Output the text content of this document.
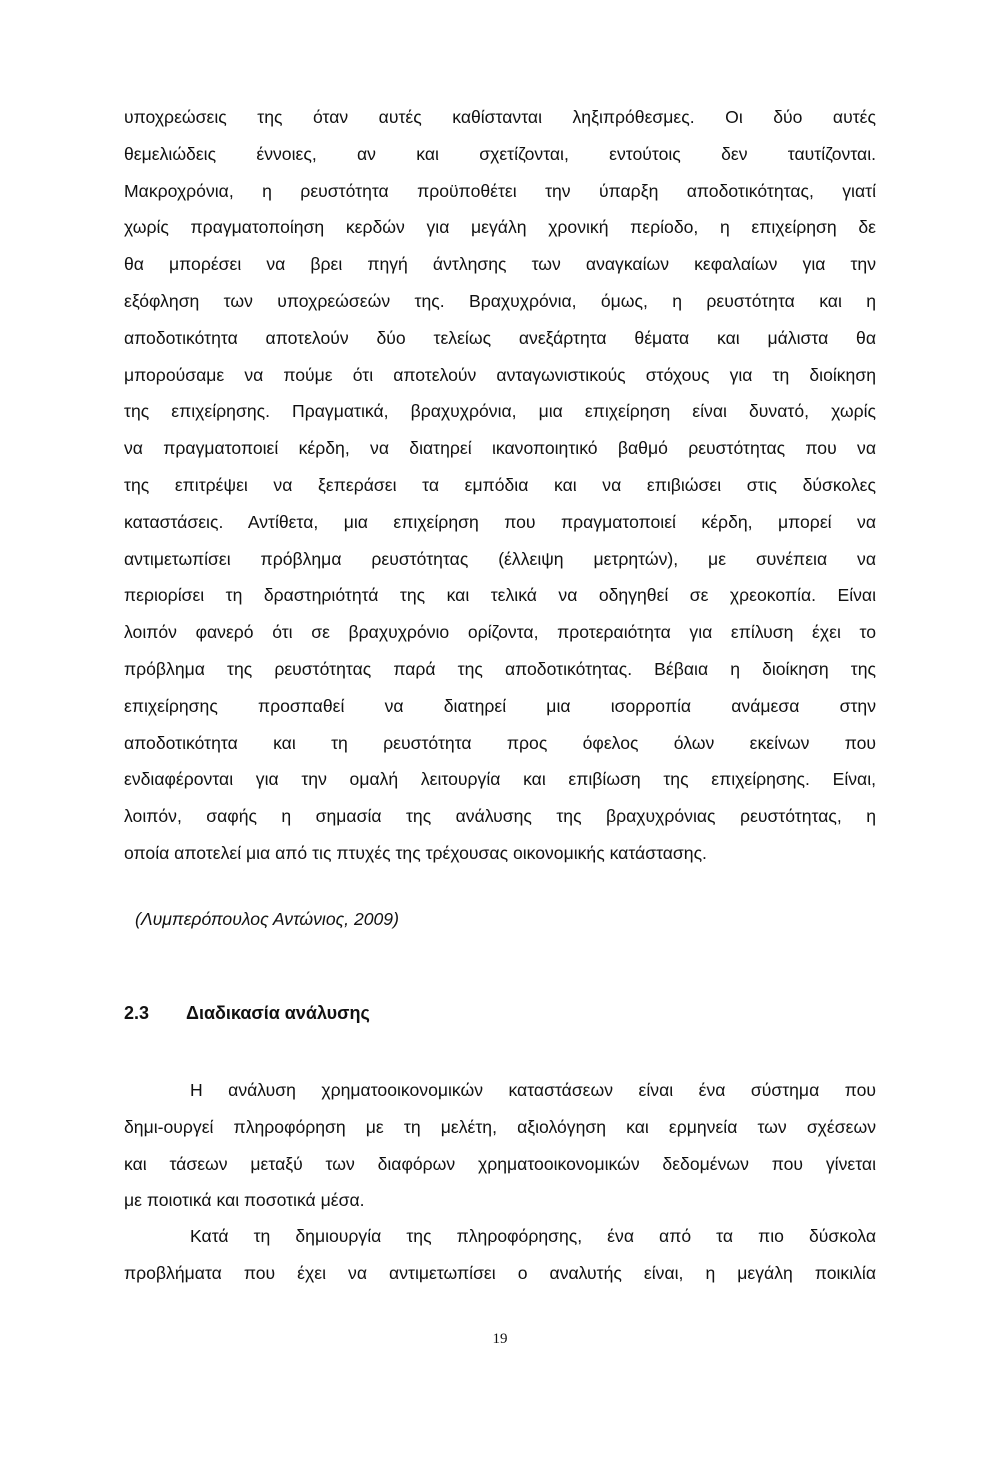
υποχρεώσεις της όταν αυτές καθίστανται ληξιπρόθεσμες. Οι δύο αυτές
θεμελιώδεις έννοιες, αν και σχετίζονται, εντούτοις δεν ταυτίζονται.
Μακροχρόνια, η ρευστότητα προϋποθέτει την ύπαρξη αποδοτικότητας, γιατί
χωρίς πραγματοποίηση κερδών για μεγάλη χρονική περίοδο, η επιχείρηση δε
θα μπορέσει να βρει πηγή άντλησης των αναγκαίων κεφαλαίων για την
εξόφληση των υποχρεώσεών της. Βραχυχρόνια, όμως, η ρευστότητα και η
αποδοτικότητα αποτελούν δύο τελείως ανεξάρτητα θέματα και μάλιστα θα
μπορούσαμε να πούμε ότι αποτελούν ανταγωνιστικούς στόχους για τη διοίκηση
της επιχείρησης. Πραγματικά, βραχυχρόνια, μια επιχείρηση είναι δυνατό, χωρίς
να πραγματοποιεί κέρδη, να διατηρεί ικανοποιητικό βαθμό ρευστότητας που να
της επιτρέψει να ξεπεράσει τα εμπόδια και να επιβιώσει στις δύσκολες
καταστάσεις. Αντίθετα, μια επιχείρηση που πραγματοποιεί κέρδη, μπορεί να
αντιμετωπίσει πρόβλημα ρευστότητας (έλλειψη μετρητών), με συνέπεια να
περιορίσει τη δραστηριότητά της και τελικά να οδηγηθεί σε χρεοκοπία. Είναι
λοιπόν φανερό ότι σε βραχυχρόνιο ορίζοντα, προτεραιότητα για επίλυση έχει το
πρόβλημα της ρευστότητας παρά της αποδοτικότητας. Βέβαια η διοίκηση της
επιχείρησης προσπαθεί να διατηρεί μια ισορροπία ανάμεσα στην
αποδοτικότητα και τη ρευστότητα προς όφελος όλων εκείνων που
ενδιαφέρονται για την ομαλή λειτουργία και επιβίωση της επιχείρησης. Είναι,
λοιπόν, σαφής η σημασία της ανάλυσης της βραχυχρόνιας ρευστότητας, η
οποία αποτελεί μια από τις πτυχές της τρέχουσας οικονομικής κατάστασης.
(Λυμπερόπουλος Αντώνιος, 2009)
2.3 Διαδικασία ανάλυσης
Η ανάλυση χρηματοοικονομικών καταστάσεων είναι ένα σύστημα που
δημι-ουργεί πληροφόρηση με τη μελέτη, αξιολόγηση και ερμηνεία των σχέσεων
και τάσεων μεταξύ των διαφόρων χρηματοοικονομικών δεδομένων που γίνεται
με ποιοτικά και ποσοτικά μέσα.
Κατά τη δημιουργία της πληροφόρησης, ένα από τα πιο δύσκολα
προβλήματα που έχει να αντιμετωπίσει ο αναλυτής είναι, η μεγάλη ποικιλία
19
